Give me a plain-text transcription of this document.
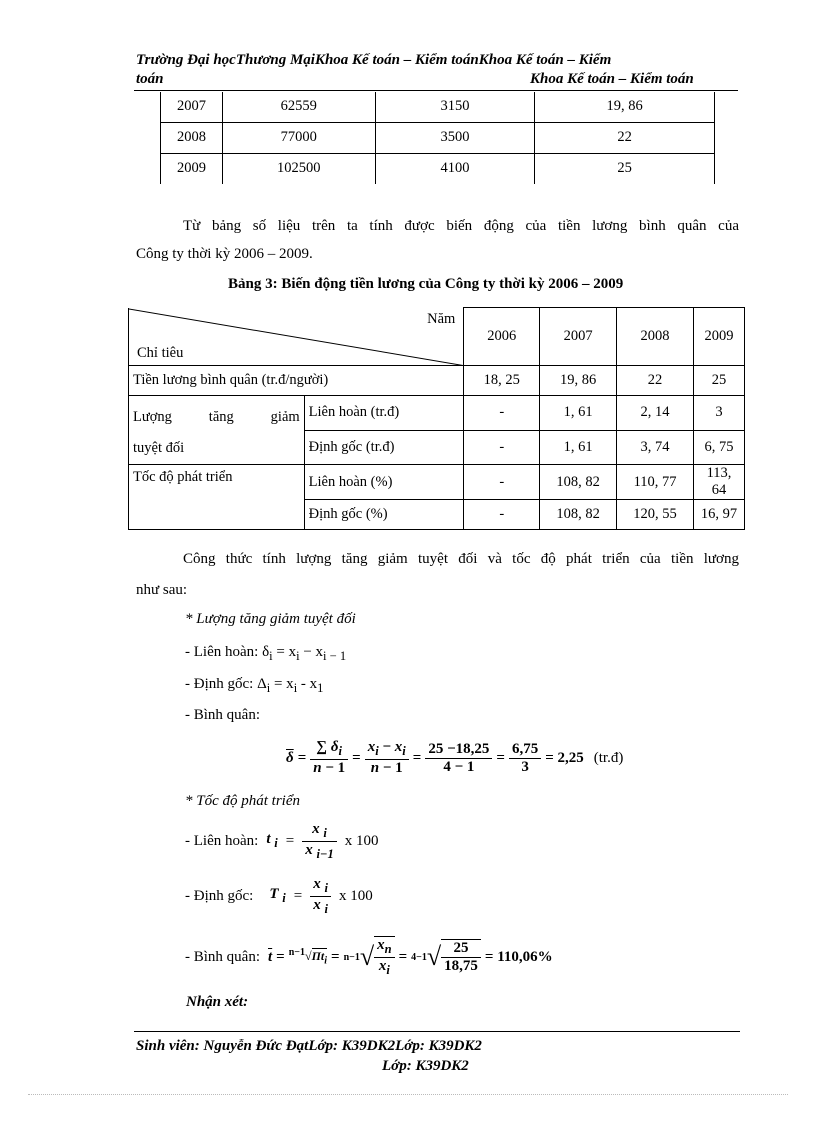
Trường Đại họcThương MạiKhoa Kế toán – Kiểm toánKhoa Kế toán – Kiểm
toán	Khoa Kế toán – Kiểm toán
2007	62559	3150	19, 86
2008	77000	3500	22
2009	102500	4100	25
Từ bảng số liệu trên ta tính được biến động của tiền lương bình quân của
Công ty thời kỳ 2006 – 2009.
Bảng 3: Biến động tiền lương của Công ty thời kỳ 2006 – 2009
Năm
Chỉ tiêu		2006	2007	2008	2009
Tiền lương bình quân (tr.đ/người)		18, 25	19, 86	22	25

Lượng tăng giảm
tuyệt đối	Liên hoàn (tr.đ)	-	1, 61	2, 14	3
	Định gốc (tr.đ)	-	1, 61	3, 74	6, 75
Tốc độ phát triển	Liên hoàn (%)	-	108, 82	110, 77	113, 64
	Định gốc (%)	-	108, 82	120, 55	16, 97
Công thức tính lượng tăng giảm tuyệt đối và tốc độ phát triển của tiền lương
như sau:
* Lượng tăng giảm tuyệt đối
- Liên hoàn: $\delta_i = x_i - x_{i - 1}$
- Định gốc: $\Delta_i = x_i - x_1$
- Bình quân:
$\overline{\delta} = \frac{\sum \delta_i}{n - 1} = \frac{x_i - x_i}{n - 1} = \frac{25 -18,25}{4 - 1} = \frac{6,75}{3} = 2,25$ (tr.đ)
* Tốc độ phát triển
- Liên hoàn: t $_i = \frac{x _i}{x _{i-1}}$ x 100
- Định gốc: T $_i = \frac{x _i}{x _i}$ x 100
- Bình quân: $\overline{t} = ^{n-1}√\Pi t_i = n-1$ √ $\frac{x_n}{x_i} = 4-1$ √ $\frac{25}{18,75} = 110,06\%$
Nhận xét:
Sinh viên: Nguyễn Đức ĐạtLớp: K39DK2Lớp: K39DK2
Lớp: K39DK2
